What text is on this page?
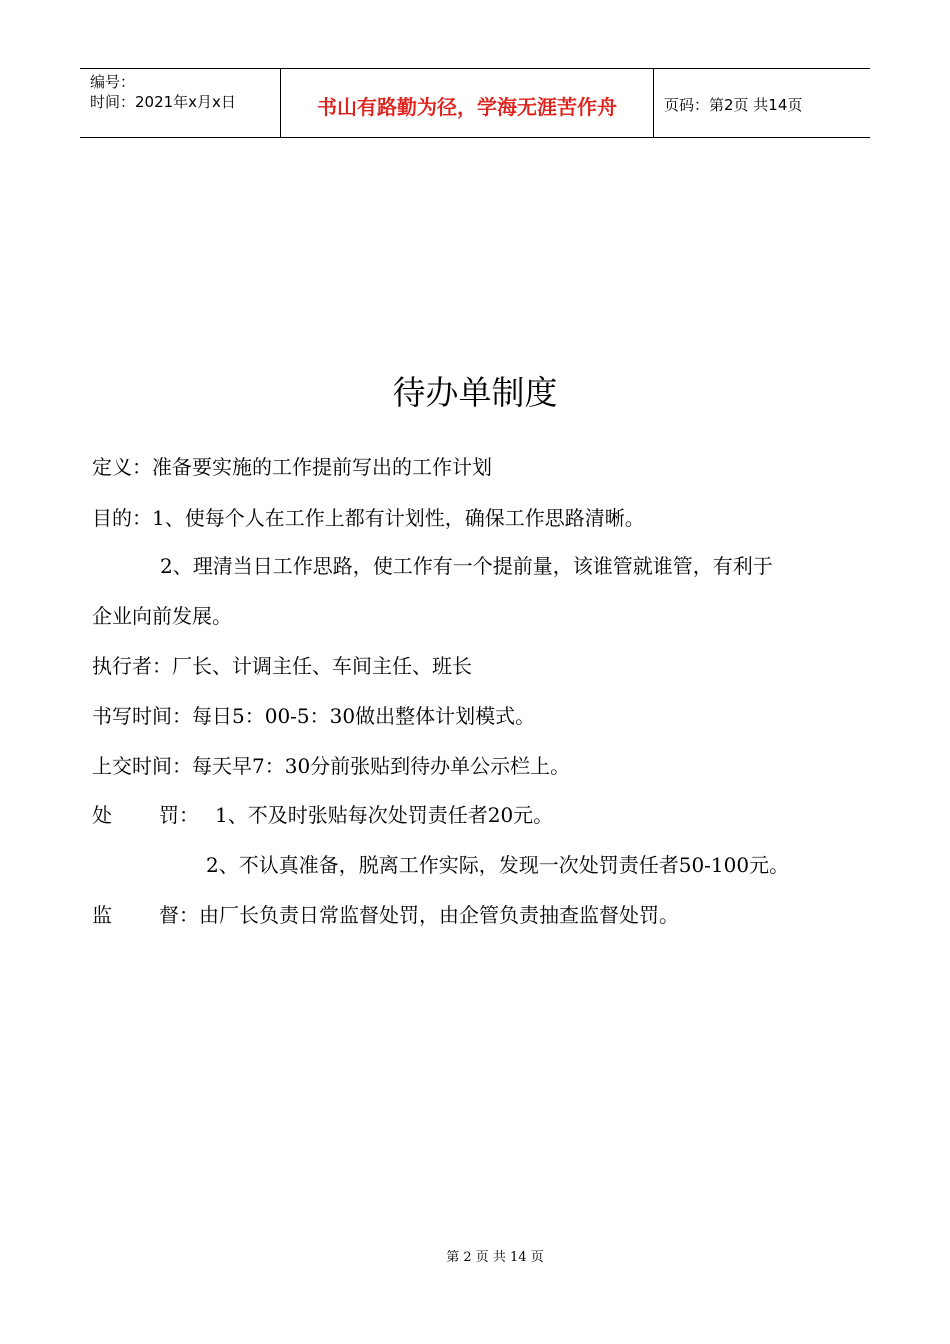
编号：
时间：2021年x月x日	书山有路勤为径，学海无涯苦作舟	页码：第2页 共14页
待办单制度
定义：准备要实施的工作提前写出的工作计划
目的：1、使每个人在工作上都有计划性，确保工作思路清晰。
2、理清当日工作思路，使工作有一个提前量，该谁管就谁管，有利于
企业向前发展。
执行者：厂长、计调主任、车间主任、班长
书写时间：每日5：00-5：30做出整体计划模式。
上交时间：每天早7：30分前张贴到待办单公示栏上。
处 罚： 1、不及时张贴每次处罚责任者20元。
2、不认真准备，脱离工作实际，发现一次处罚责任者50-100元。
监 督：由厂长负责日常监督处罚，由企管负责抽查监督处罚。
第 2 页 共 14 页
